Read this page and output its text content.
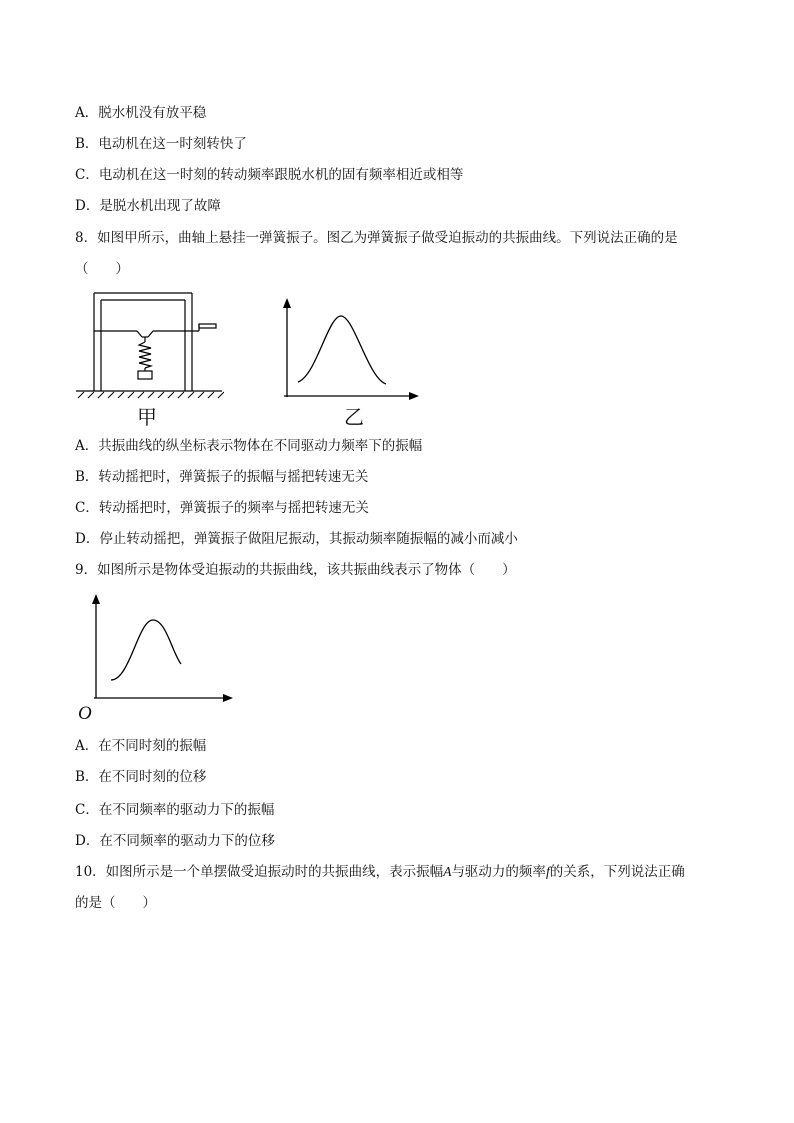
A．脱水机没有放平稳
B．电动机在这一时刻转快了
C．电动机在这一时刻的转动频率跟脱水机的固有频率相近或相等
D．是脱水机出现了故障
8．如图甲所示，曲轴上悬挂一弹簧振子。图乙为弹簧振子做受迫振动的共振曲线。下列说法正确的是
（　　）
甲	乙
A．共振曲线的纵坐标表示物体在不同驱动力频率下的振幅
B．转动摇把时，弹簧振子的振幅与摇把转速无关
C．转动摇把时，弹簧振子的频率与摇把转速无关
D．停止转动摇把，弹簧振子做阻尼振动，其振动频率随振幅的减小而减小
9．如图所示是物体受迫振动的共振曲线，该共振曲线表示了物体（　　）
O
A．在不同时刻的振幅
B．在不同时刻的位移
C．在不同频率的驱动力下的振幅
D．在不同频率的驱动力下的位移
10．如图所示是一个单摆做受迫振动时的共振曲线，表示振幅A与驱动力的频率f的关系，下列说法正确
的是（　　）
